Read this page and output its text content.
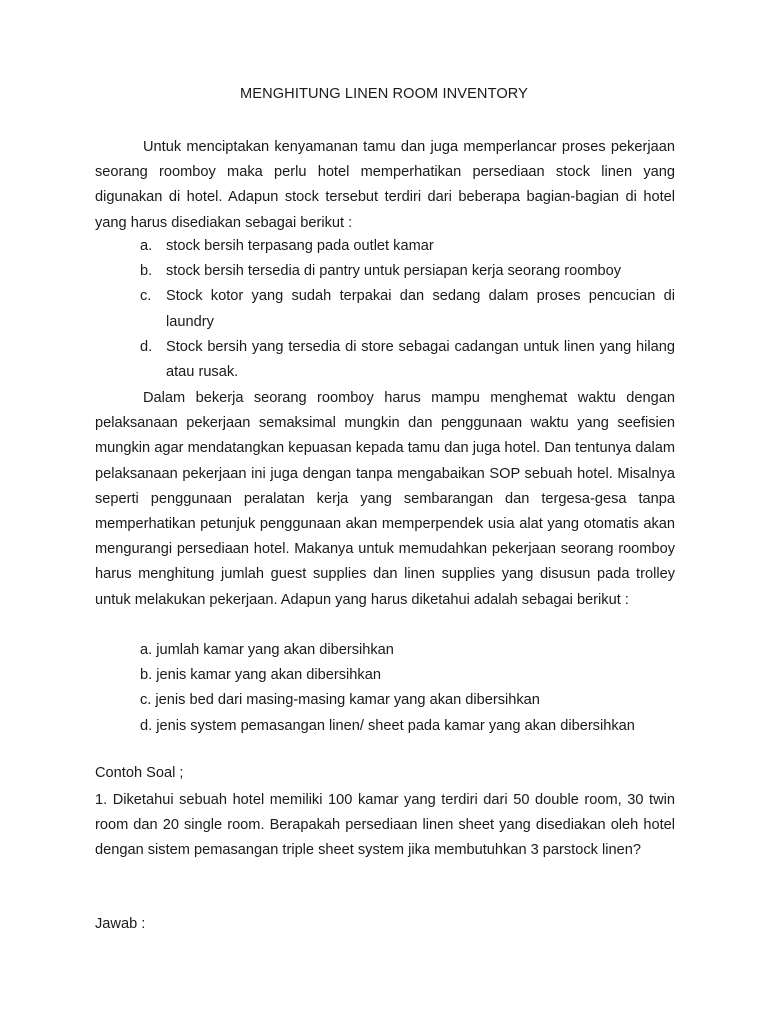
MENGHITUNG LINEN ROOM INVENTORY
Untuk menciptakan kenyamanan tamu dan juga memperlancar proses pekerjaan seorang roomboy maka perlu hotel memperhatikan persediaan stock linen yang digunakan di hotel. Adapun stock tersebut terdiri dari beberapa bagian-bagian di hotel yang harus disediakan sebagai berikut :
a. stock bersih terpasang pada outlet kamar
b. stock bersih tersedia di pantry untuk persiapan kerja seorang roomboy
c. Stock kotor yang sudah terpakai dan sedang dalam proses pencucian di laundry
d. Stock bersih yang tersedia di store sebagai cadangan untuk linen yang hilang atau rusak.
Dalam bekerja seorang roomboy harus mampu menghemat waktu dengan pelaksanaan pekerjaan semaksimal mungkin dan penggunaan waktu yang seefisien mungkin agar mendatangkan kepuasan kepada tamu dan juga hotel. Dan tentunya dalam pelaksanaan pekerjaan ini juga dengan tanpa mengabaikan SOP sebuah hotel. Misalnya seperti penggunaan peralatan kerja yang sembarangan dan tergesa-gesa tanpa memperhatikan petunjuk penggunaan akan memperpendek usia alat yang otomatis akan mengurangi persediaan hotel. Makanya untuk memudahkan pekerjaan seorang roomboy harus menghitung jumlah guest supplies dan linen supplies yang disusun pada trolley untuk melakukan pekerjaan. Adapun yang harus diketahui adalah sebagai berikut :
a. jumlah kamar yang akan dibersihkan
b. jenis kamar yang akan dibersihkan
c. jenis bed dari masing-masing kamar yang akan dibersihkan
d. jenis system pemasangan linen/ sheet pada kamar yang akan dibersihkan
Contoh Soal ;
1. Diketahui sebuah hotel memiliki 100 kamar yang terdiri dari 50 double room, 30 twin room dan 20 single room. Berapakah persediaan linen sheet yang disediakan oleh hotel dengan sistem pemasangan triple sheet system jika membutuhkan 3 parstock linen?
Jawab :
